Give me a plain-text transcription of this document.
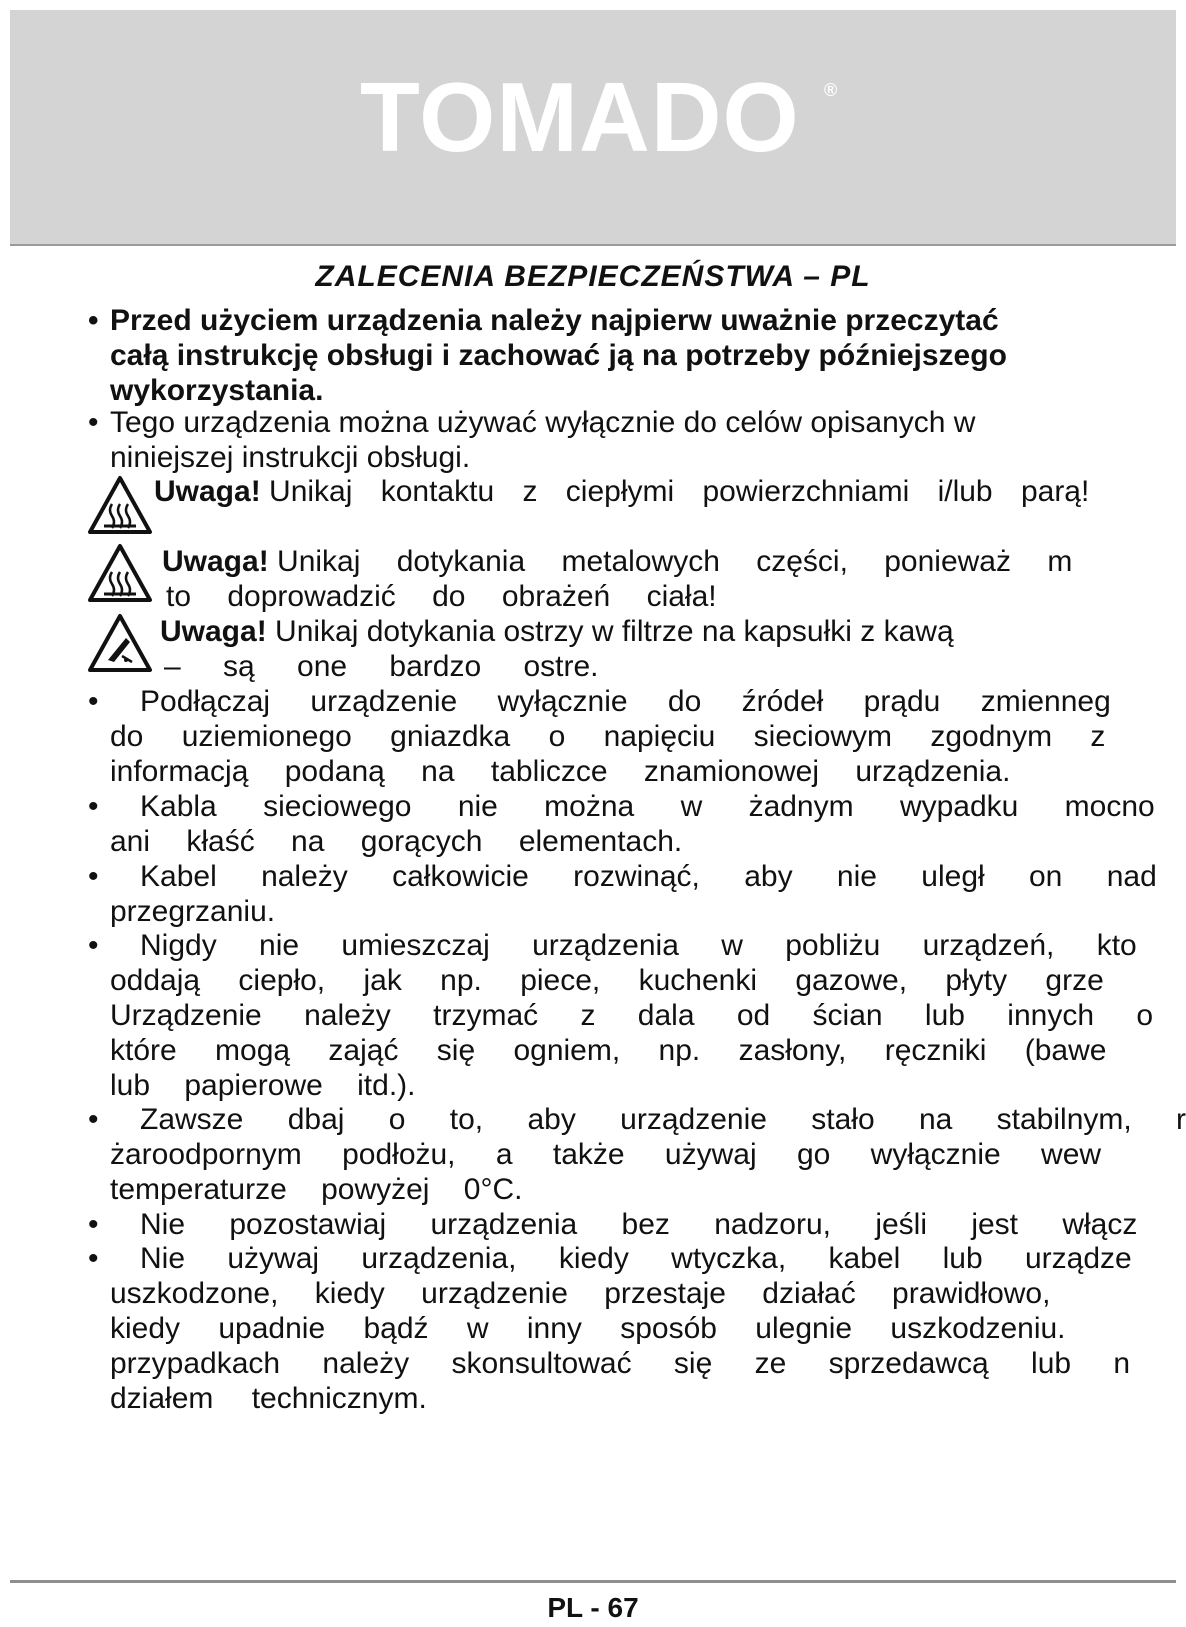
TOMADO ®
ZALECENIA BEZPIECZEŃSTWA – PL
• Przed użyciem urządzenia należy najpierw uważnie przeczytać
całą instrukcję obsługi i zachować ją na potrzeby późniejszego
wykorzystania.
• Tego urządzenia można używać wyłącznie do celów opisanych w
niniejszej instrukcji obsługi.
Uwaga! Unikaj kontaktu z ciepłymi powierzchniami i/lub parą!
Uwaga! Unikaj dotykania metalowych części, ponieważ m
to doprowadzić do obrażeń ciała!
Uwaga! Unikaj dotykania ostrzy w filtrze na kapsułki z kawą
– są one bardzo ostre.
• Podłączaj urządzenie wyłącznie do źródeł prądu zmienneg
do uziemionego gniazdka o napięciu sieciowym zgodnym z
informacją podaną na tabliczce znamionowej urządzenia.
• Kabla sieciowego nie można w żadnym wypadku mocno
ani kłaść na gorących elementach.
• Kabel należy całkowicie rozwinąć, aby nie uległ on nad
przegrzaniu.
• Nigdy nie umieszczaj urządzenia w pobliżu urządzeń, kto
oddają ciepło, jak np. piece, kuchenki gazowe, płyty grze
Urządzenie należy trzymać z dala od ścian lub innych o
które mogą zająć się ogniem, np. zasłony, ręczniki (bawe
lub papierowe itd.).
• Zawsze dbaj o to, aby urządzenie stało na stabilnym, r
żaroodpornym podłożu, a także używaj go wyłącznie wew
temperaturze powyżej 0°C.
• Nie pozostawiaj urządzenia bez nadzoru, jeśli jest włącz
• Nie używaj urządzenia, kiedy wtyczka, kabel lub urządze
uszkodzone, kiedy urządzenie przestaje działać prawidłowo,
kiedy upadnie bądź w inny sposób ulegnie uszkodzeniu.
przypadkach należy skonsultować się ze sprzedawcą lub n
działem technicznym.
PL - 67
